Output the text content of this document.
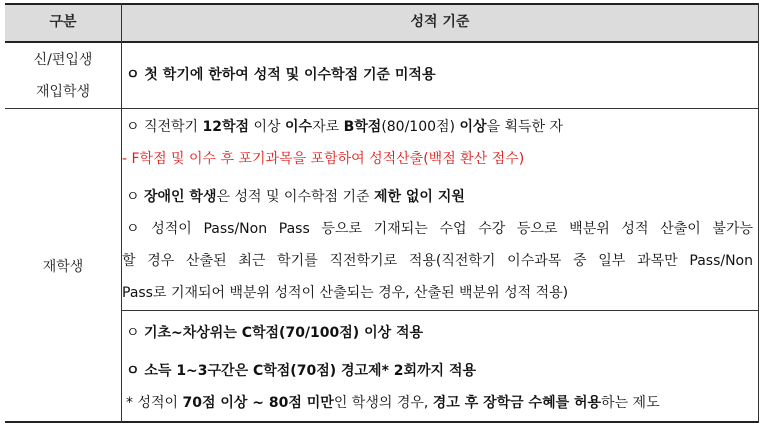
구분	성적 기준
신/편입생
재입학생
ㅇ 첫 학기에 한하여 성적 및 이수학점 기준 미적용
재학생
ㅇ 직전학기 12학점 이상 이수자로 B학점(80/100점) 이상을 획득한 자
- F학점 및 이수 후 포기과목을 포함하여 성적산출(백점 환산 점수)
ㅇ 장애인 학생은 성적 및 이수학점 기준 제한 없이 지원
ㅇ 성적이 Pass/Non Pass 등으로 기재되는 수업 수강 등으로 백분위 성적 산출이 불가능
할 경우 산출된 최근 학기를 직전학기로 적용(직전학기 이수과목 중 일부 과목만 Pass/Non
Pass로 기재되어 백분위 성적이 산출되는 경우, 산출된 백분위 성적 적용)
ㅇ 기초~차상위는 C학점(70/100점) 이상 적용
ㅇ 소득 1~3구간은 C학점(70점) 경고제* 2회까지 적용
* 성적이 70점 이상 ~ 80점 미만인 학생의 경우, 경고 후 장학금 수혜를 허용하는 제도
